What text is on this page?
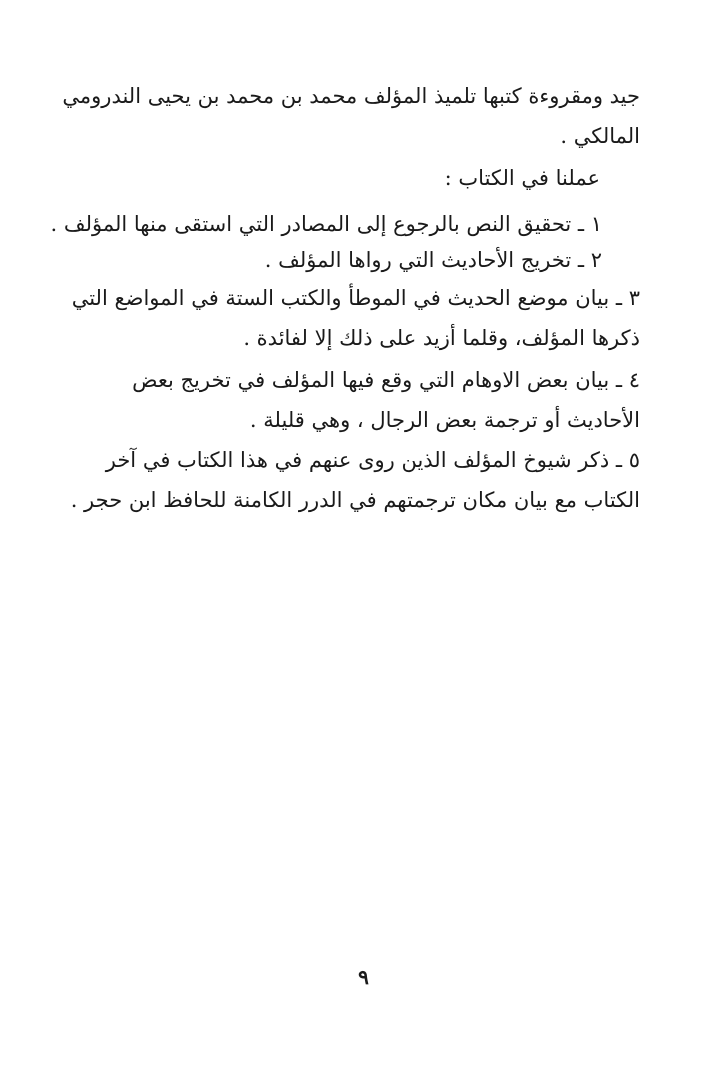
جيد ومقروءة كتبها تلميذ المؤلف محمد بن محمد بن يحيى الندرومي
المالكي .

عملنا في الكتاب :

١ ـ تحقيق النص بالرجوع إلى المصادر التي استقى منها المؤلف .

٢ ـ تخريج الأحاديث التي رواها المؤلف .

٣ ـ بيان موضع الحديث في الموطأ والكتب الستة في المواضع التي
ذكرها المؤلف، وقلما أزيد على ذلك إلا لفائدة .

٤ ـ بيان بعض الاوهام التي وقع فيها المؤلف في تخريج بعض
الأحاديث أو ترجمة بعض الرجال ، وهي قليلة .

٥ ـ ذكر شيوخ المؤلف الذين روى عنهم في هذا الكتاب في آخر
الكتاب مع بيان مكان ترجمتهم في الدرر الكامنة للحافظ ابن حجر .

٩
